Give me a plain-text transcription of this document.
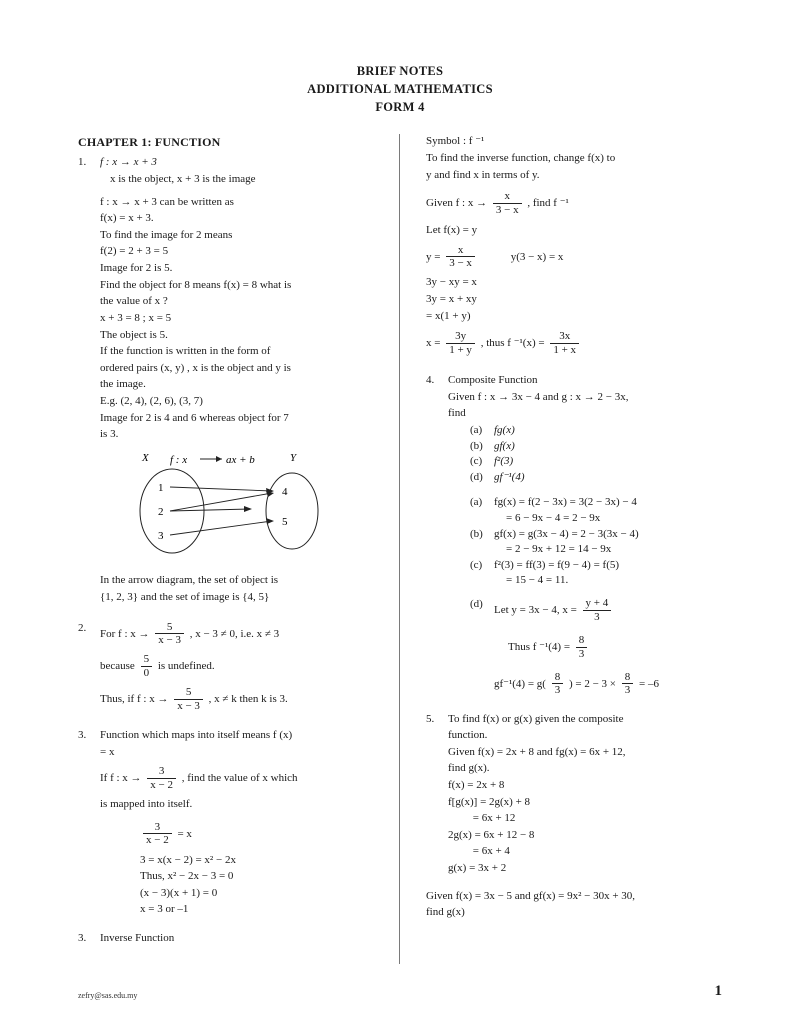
BRIEF NOTES
ADDITIONAL MATHEMATICS
FORM 4
CHAPTER 1: FUNCTION
1.	f : x → x + 3

x is the object, x + 3 is the image

f : x → x + 3 can be written as

f(x) = x + 3.

To find the image for 2 means

f(2) = 2 + 3 = 5

Image for 2 is 5.

Find the object for 8 means f(x) = 8 what is

the value of x ?

x + 3 = 8 ; x = 5

The object is 5.

If the function is written in the form of

ordered pairs (x, y) , x is the object and y is

the image.

E.g. (2, 4), (2, 6), (3, 7)

Image for 2 is 4 and 6 whereas object for 7

is 3.

X f : x	ax + b	Y
1
2
3
4
5

In the arrow diagram, the set of object is

{1, 2, 3} and the set of image is {4, 5}

2.	For f : $x \to \frac{5}{x - 3}$ , x − 3 ≠ 0, i.e. x ≠ 3

because $\frac{5}{0}$ is undefined.

Thus, if f : $x \to \frac{5}{x - 3}$ , x ≠ k then k is 3.

3.	Function which maps into itself means f (x)

= x

If f : $x \to \frac{3}{x - 2}$ , find the value of x which

is mapped into itself.

$\frac{3}{x - 2} = x$

3 = x(x − 2) = x² − 2x

Thus, x² − 2x − 3 = 0

(x − 3)(x + 1) = 0

x = 3 or –1

3.	Inverse Function

Symbol : f ⁻¹

To find the inverse function, change f(x) to

y and find x in terms of y.

Given f : $x \to \frac{x}{3 - x}$ , find f ⁻¹

Let f(x) = y

$y = \frac{x}{3 - x}$	y(3 − x) = x

3y − xy = x

3y = x + xy

= x(1 + y)

$x = \frac{3y}{1 + y}$ , thus f $^{-1}(x) = \frac{3x}{1 + x}$

4.	Composite Function

Given f : x → 3x − 4 and g : x → 2 − 3x,

find

(a)	fg(x)
(b)	gf(x)
(c)	f²(3)
(d)	gf⁻¹(4)
(a)	fg(x) = f(2 − 3x) = 3(2 − 3x) − 4
= 6 − 9x − 4 = 2 − 9x
(b)	gf(x) = g(3x − 4) = 2 − 3(3x − 4)
= 2 − 9x + 12 = 14 − 9x
(c)	f²(3) = ff(3) = f(9 − 4) = f(5)
= 15 − 4 = 11.
(d)	Let y = 3x − 4, $x = \frac{y + 4}{3}$
Thus f $^{-1}(4) = \frac{8}{3}$
$gf^{-1}(4) = g( \frac{8}{3}$ ) = $2 - 3 \times \frac{8}{3} = -6$
5.	To find f(x) or g(x) given the composite

function.

Given f(x) = 2x + 8 and fg(x) = 6x + 12,

find g(x).

f(x) = 2x + 8

f[g(x)] = 2g(x) + 8

= 6x + 12

2g(x) = 6x + 12 − 8

= 6x + 4

g(x) = 3x + 2

Given f(x) = 3x − 5 and gf(x) = 9x² − 30x + 30,

find g(x)

zefry@sas.edu.my	1
